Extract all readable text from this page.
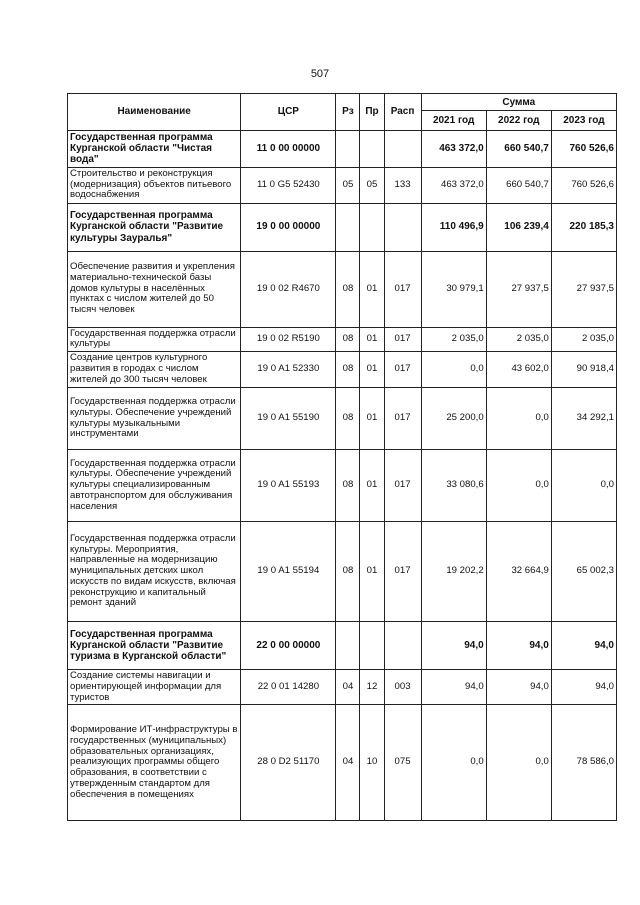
507
Наименование	ЦСР	Рз	Пр	Расп	Сумма		
					2021 год	2022 год	2023 год
Государственная программа Курганской области "Чистая вода"	11 0 00 00000				463 372,0	660 540,7	760 526,6
Строительство и реконструкция (модернизация) объектов питьевого водоснабжения	11 0 G5 52430	05	05	133	463 372,0	660 540,7	760 526,6
Государственная программа Курганской области "Развитие культуры Зауралья"	19 0 00 00000				110 496,9	106 239,4	220 185,3
Обеспечение развития и укрепления материально-технической базы домов культуры в населённых пунктах с числом жителей до 50 тысяч человек	19 0 02 R4670	08	01	017	30 979,1	27 937,5	27 937,5
Государственная поддержка отрасли культуры	19 0 02 R5190	08	01	017	2 035,0	2 035,0	2 035,0
Создание центров культурного развития в городах с числом жителей до 300 тысяч человек	19 0 A1 52330	08	01	017	0,0	43 602,0	90 918,4
Государственная поддержка отрасли культуры. Обеспечение учреждений культуры музыкальными инструментами	19 0 A1 55190	08	01	017	25 200,0	0,0	34 292,1
Государственная поддержка отрасли культуры. Обеспечение учреждений культуры специализированным автотранспортом для обслуживания населения	19 0 A1 55193	08	01	017	33 080,6	0,0	0,0
Государственная поддержка отрасли культуры. Мероприятия, направленные на модернизацию муниципальных детских школ искусств по видам искусств, включая реконструкцию и капитальный ремонт зданий	19 0 A1 55194	08	01	017	19 202,2	32 664,9	65 002,3
Государственная программа Курганской области "Развитие туризма в Курганской области"	22 0 00 00000				94,0	94,0	94,0
Создание системы навигации и ориентирующей информации для туристов	22 0 01 14280	04	12	003	94,0	94,0	94,0
Формирование ИТ-инфраструктуры в государственных (муниципальных) образовательных организациях, реализующих программы общего образования, в соответствии с утвержденным стандартом для обеспечения в помещениях	28 0 D2 51170	04	10	075	0,0	0,0	78 586,0
